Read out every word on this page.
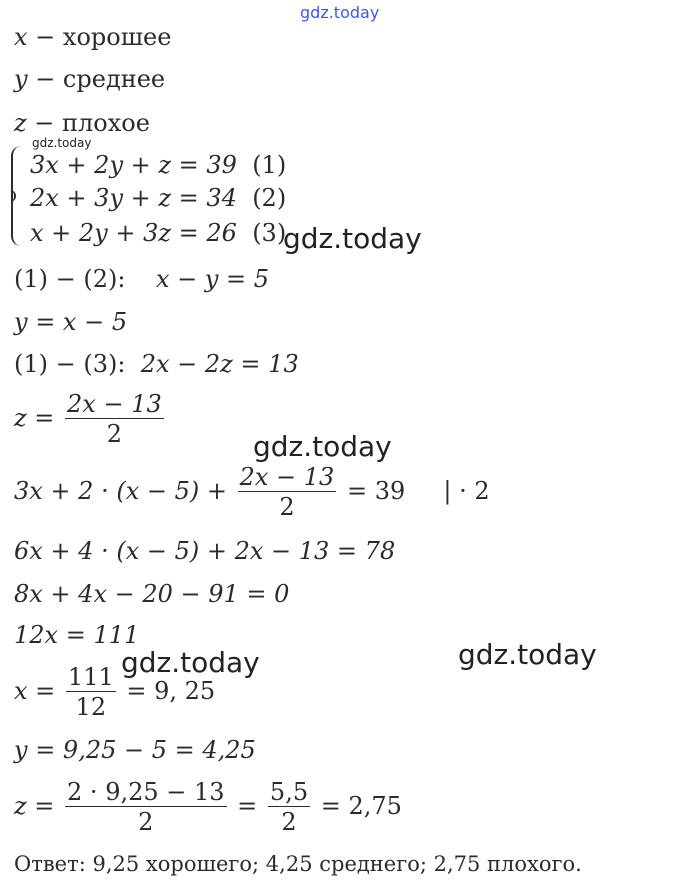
gdz.today
gdz.today
gdz.today
gdz.today
gdz.today
gdz.today
x − хорошее
y − среднее
z − плохое
3x + 2y + z = 39 (1)
2x + 3y + z = 34 (2)
x + 2y + 3z = 26 (3)
(1) − (2): x − y = 5
y = x − 5
(1) − (3): 2x − 2z = 13
$z = \frac{2x - 13}{2}$
$3x + 2 \cdot (x - 5) + \frac{2x - 13}{2} = 39$ | · 2
6x + 4 · (x − 5) + 2x − 13 = 78
8x + 4x − 20 − 91 = 0
12x = 111
$x = \frac{111}{12} = 9$, 25
y = 9,25 − 5 = 4,25
$z = \frac{2 \cdot 9,25 - 13}{2} = \frac{5,5}{2} = 2,75$
Ответ: 9,25 хорошего; 4,25 среднего; 2,75 плохого.
